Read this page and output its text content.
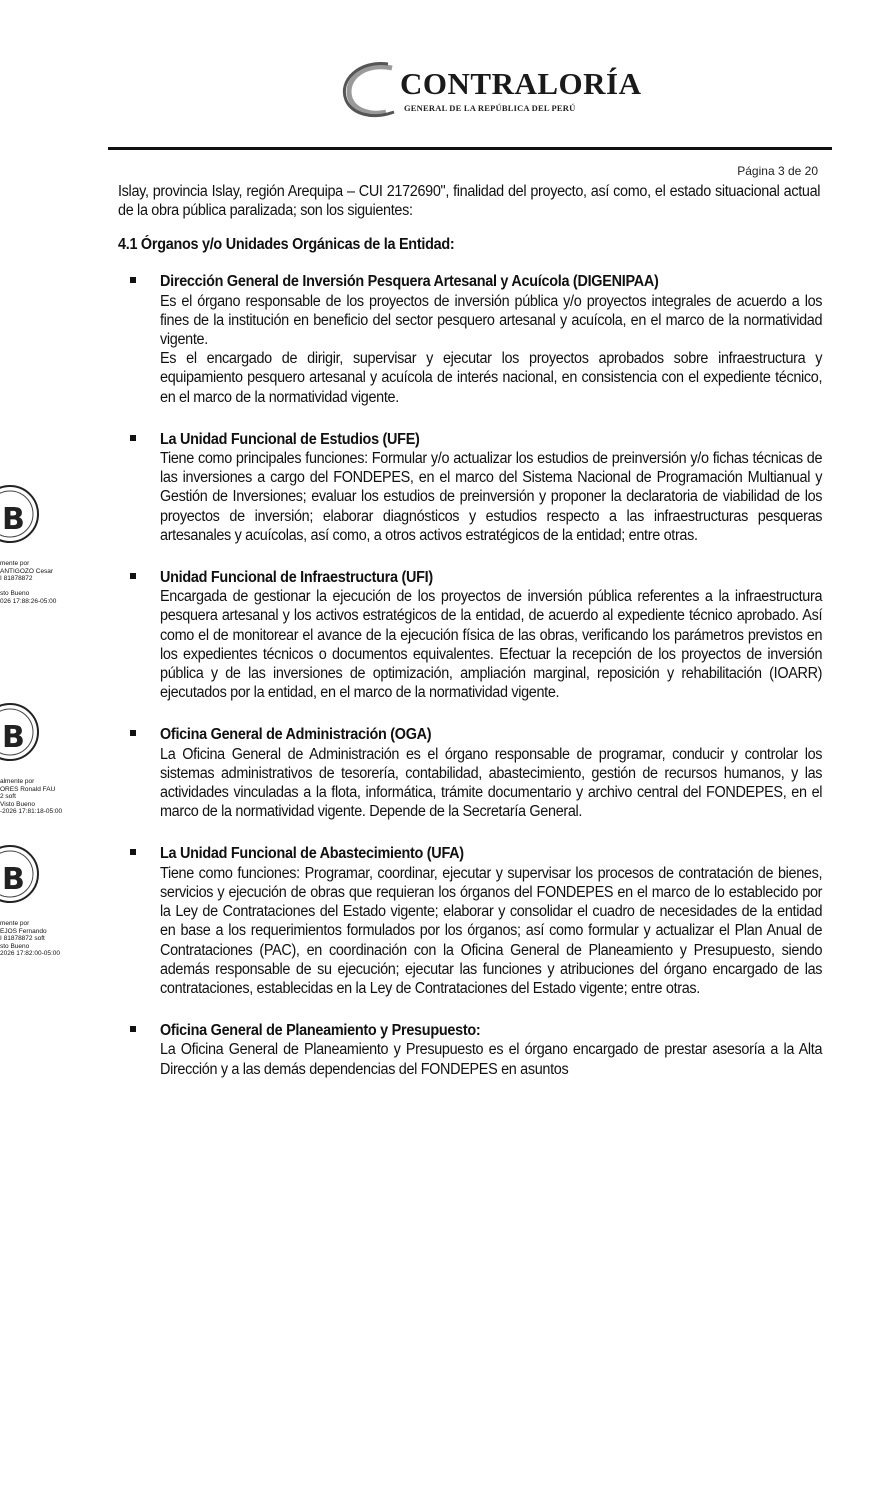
CONTRALORÍA
GENERAL DE LA REPÚBLICA DEL PERÚ
Página 3 de 20

Islay, provincia Islay, región Arequipa – CUI 2172690", finalidad del proyecto, así como, el estado situacional actual de la obra pública paralizada; son los siguientes:

4.1 Órganos y/o Unidades Orgánicas de la Entidad:
Dirección General de Inversión Pesquera Artesanal y Acuícola (DIGENIPAA)
Es el órgano responsable de los proyectos de inversión pública y/o proyectos integrales de acuerdo a los fines de la institución en beneficio del sector pesquero artesanal y acuícola, en el marco de la normatividad vigente.
Es el encargado de dirigir, supervisar y ejecutar los proyectos aprobados sobre infraestructura y equipamiento pesquero artesanal y acuícola de interés nacional, en consistencia con el expediente técnico, en el marco de la normatividad vigente.
La Unidad Funcional de Estudios (UFE)
Tiene como principales funciones: Formular y/o actualizar los estudios de preinversión y/o fichas técnicas de las inversiones a cargo del FONDEPES, en el marco del Sistema Nacional de Programación Multianual y Gestión de Inversiones; evaluar los estudios de preinversión y proponer la declaratoria de viabilidad de los proyectos de inversión; elaborar diagnósticos y estudios respecto a las infraestructuras pesqueras artesanales y acuícolas, así como, a otros activos estratégicos de la entidad; entre otras.
Unidad Funcional de Infraestructura (UFI)
Encargada de gestionar la ejecución de los proyectos de inversión pública referentes a la infraestructura pesquera artesanal y los activos estratégicos de la entidad, de acuerdo al expediente técnico aprobado. Así como el de monitorear el avance de la ejecución física de las obras, verificando los parámetros previstos en los expedientes técnicos o documentos equivalentes. Efectuar la recepción de los proyectos de inversión pública y de las inversiones de optimización, ampliación marginal, reposición y rehabilitación (IOARR) ejecutados por la entidad, en el marco de la normatividad vigente.
Oficina General de Administración (OGA)
La Oficina General de Administración es el órgano responsable de programar, conducir y controlar los sistemas administrativos de tesorería, contabilidad, abastecimiento, gestión de recursos humanos, y las actividades vinculadas a la flota, informática, trámite documentario y archivo central del FONDEPES, en el marco de la normatividad vigente. Depende de la Secretaría General.
La Unidad Funcional de Abastecimiento (UFA)
Tiene como funciones: Programar, coordinar, ejecutar y supervisar los procesos de contratación de bienes, servicios y ejecución de obras que requieran los órganos del FONDEPES en el marco de lo establecido por la Ley de Contrataciones del Estado vigente; elaborar y consolidar el cuadro de necesidades de la entidad en base a los requerimientos formulados por los órganos; así como formular y actualizar el Plan Anual de Contrataciones (PAC), en coordinación con la Oficina General de Planeamiento y Presupuesto, siendo además responsable de su ejecución; ejecutar las funciones y atribuciones del órgano encargado de las contrataciones, establecidas en la Ley de Contrataciones del Estado vigente; entre otras.
Oficina General de Planeamiento y Presupuesto:
La Oficina General de Planeamiento y Presupuesto es el órgano encargado de prestar asesoría a la Alta Dirección y a las demás dependencias del FONDEPES en asuntos
B
mente por
ANTIGOZO Cesar
I 81878872

sto Bueno
026 17:88:26-05:00
B
almente por
ORES Ronald FAU
2 soft
Visto Bueno
-2026 17:81:18-05:00
B
mente por
EJOS Fernando
I 81878872 soft
sto Bueno
2026 17:82:00-05:00
